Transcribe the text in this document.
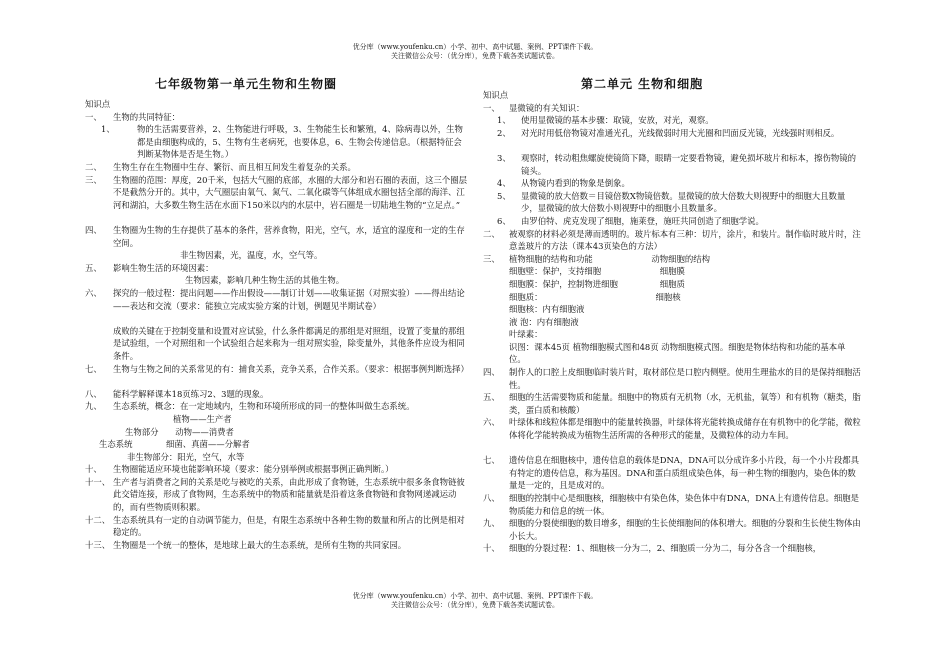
优分库（www.youfenku.cn）小学、初中、高中试题、案例、PPT课件下载。
关注微信公众号：（优分库），免费下载各类试题试卷。
七年级物第一单元生物和生物圈	第二单元 生物和细胞
知识点
一、	生物的共同特征：
1、	物的生活需要营养，2、生物能进行呼吸，3、生物能生长和繁殖，4、除病毒以外，生物都是由细胞构成的，5、生物有生老病死，也要体息，6、生物会传递信息。（根据特征会判断某物体是否是生物。）
二、	生物生存在生物圈中生存、繁衍、而且相互间发生着复杂的关系。
三、	生物圈的范围：厚度，20千米，包括大气圈的底部，水圈的大部分和岩石圈的表面，这三个圈层不是截然分开的。其中，大气圈层由氧气、氮气、二氧化碳等气体组成水圈包括全部的海洋、江河和湖泊，大多数生物生活在水面下150米以内的水层中，岩石圈是一切陆地生物的“立足点。”
四、	生物圈为生物的生存提供了基本的条件，营养食物，阳光，空气，水，适宜的湿度和一定的生存空间。
非生物因素，光，温度，水，空气等。
五、	影响生物生活的环境因素：
生物因素，影响几种生物生活的其他生物。
六、	探究的一般过程：提出问题——作出假设——制订计划——收集证据（对照实验）——得出结论——表达和交流（要求：能独立完成实验方案的计划，例题见半期试卷）
成败的关键在于控制变量和设置对应试验，什么条件都满足的那组是对照组，设置了变量的那组是试验组，一个对照组和一个试验组合起来称为一组对照实验，除变量外，其他条件应设为相同条件。
七、	生物与生物之间的关系常见的有：捕食关系，竞争关系，合作关系。（要求：根据事例判断选择）
八、	能科学解释课本18页练习2、3题的现象。
九、	生态系统，概念：在一定地域内，生物和环境所形成的同一的整体叫做生态系统。
植物——生产者
生物部分　　动物——消费者
生态系统　　　　细菌、真菌——分解者
非生物部分：阳光，空气，水等
十、	生物圈能适应环境也能影响环境（要求：能分别举例或根据事例正确判断。）
十一、 生产者与消费者之间的关系是吃与被吃的关系，由此形成了食物链，生态系统中很多条食物链彼此交错连接，形成了食物网，生态系统中的物质和能量就是沿着这条食物链和食物网递减运动的，而有些物质则积累。
十二、 生态系统具有一定的自动调节能力，但是，有限生态系统中各种生物的数量和所占的比例是相对稳定的。
十三、 生物圈是一个统一的整体，是地球上最大的生态系统，是所有生物的共同家园。
知识点
一、	显微镜的有关知识：
1、	使用显微镜的基本步骤：取镜，安放，对光，观察。
2、	对光时用低倍物镜对准通光孔，光线微弱时用大光圈和凹面反光镜，光线强时则相反。
3、	观察时，转动粗焦螺旋使镜筒下降，眼睛一定要看物镜，避免损坏玻片和标本，擦伤物镜的镜头。
4、	从物镜内看到的物象是倒象。
5、	显微镜的放大倍数＝目镜倍数X物镜倍数。显微镜的放大倍数大则视野中的细胞大且数量少，显微镜的放大倍数小则视野中的细胞小且数量多。
6、	由罗伯特、虎克发现了细胞，施莱登，施旺共同创造了细胞学说。
二、	被观察的材料必须是薄而透明的。玻片标本有三种：切片，涂片，和装片。制作临时玻片时，注意盖玻片的方法（课本43页染色的方法）
三、	植物细胞的结构和功能　　　　　　　动物细胞的结构
细胞壁：保护，支持细胞　　　　　　　细胞膜
细胞膜：保护，控制物进细胞　　　　　细胞质
细胞质：　　　　　　　　　　　　　　细胞核
细胞核：内有细胞液
液 泡：内有细胞液
叶绿素：
识图：课本45页 植物细胞模式图和48页 动物细胞模式图。细胞是物体结构和功能的基本单位。
四、	制作人的口腔上皮细胞临时装片时，取材部位是口腔内侧壁。使用生理盐水的目的是保持细胞活性。
五、	细胞的生活需要物质和能量。细胞中的物质有无机物（水，无机盐，氧等）和有机物（糖类，脂类，蛋白质和核酸）
六、	叶绿体和线粒体都是细胞中的能量转换器，叶绿体将光能转换成储存在有机物中的化学能，微粒体将化学能转换成为植物生活所需的各种形式的能量，及微粒体的动力车间。
七、	遗传信息在细胞核中，遗传信息的载体是DNA，DNA可以分成许多小片段，每一个小片段都具有特定的遗传信息，称为基因。DNA和蛋白质组成染色体，每一种生物的细胞内，染色体的数量是一定的，且是成对的。
八、	细胞的控制中心是细胞核，细胞核中有染色体，染色体中有DNA，DNA上有遗传信息。细胞是物质能力和信息的统一体。
九、	细胞的分裂使细胞的数目增多，细胞的生长使细胞间的体积增大。细胞的分裂和生长使生物体由小长大。
十、	细胞的分裂过程：1、细胞核一分为二，2、细胞质一分为二，每分各含一个细胞核，
优分库（www.youfenku.cn）小学、初中、高中试题、案例、PPT课件下载。
关注微信公众号：（优分库），免费下载各类试题试卷。
